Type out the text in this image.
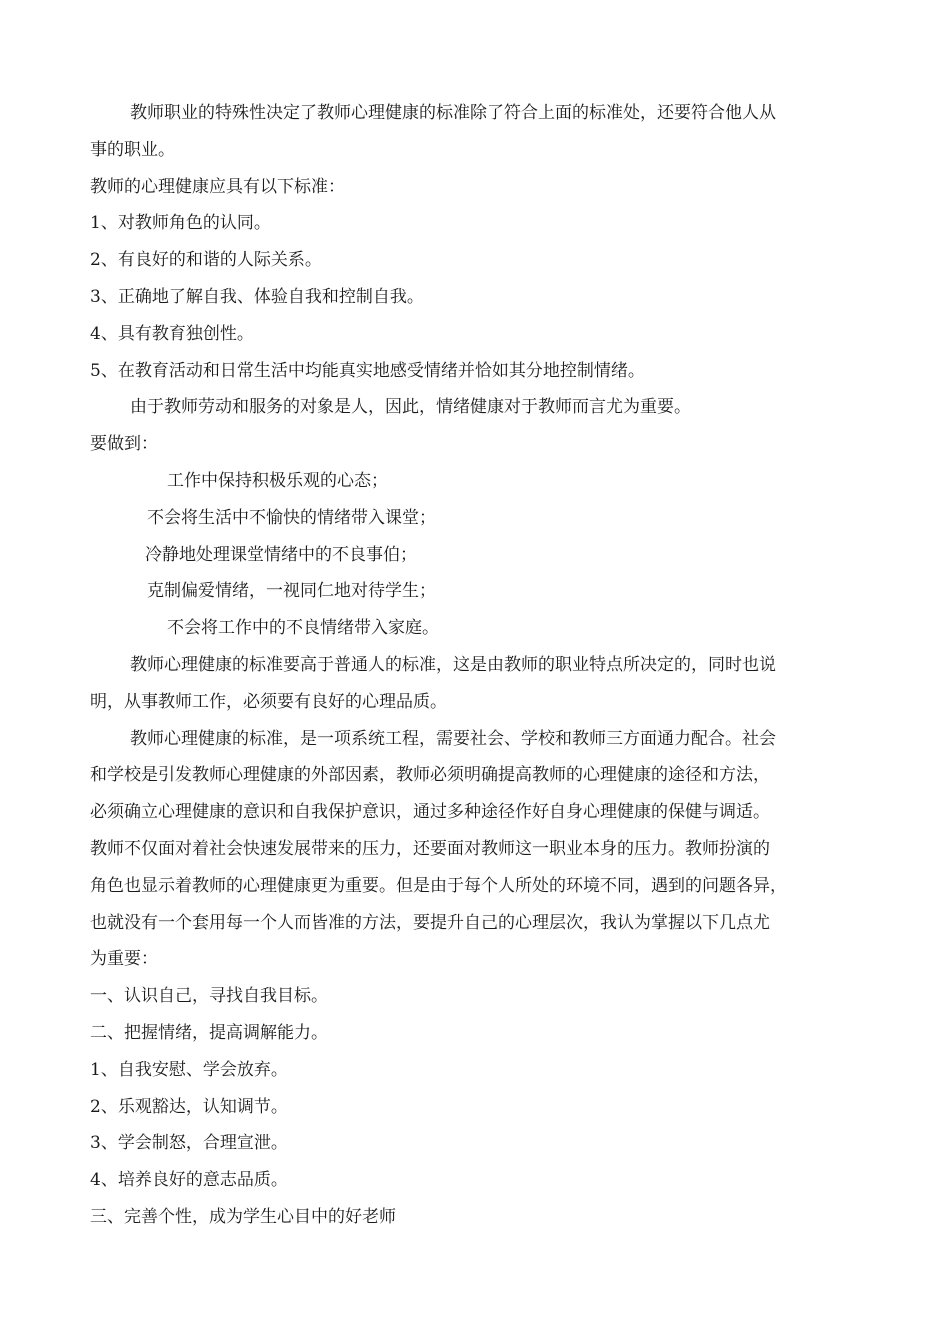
教师职业的特殊性决定了教师心理健康的标准除了符合上面的标准处，还要符合他人从
事的职业。
教师的心理健康应具有以下标准：
1、对教师角色的认同。
2、有良好的和谐的人际关系。
3、正确地了解自我、体验自我和控制自我。
4、具有教育独创性。
5、在教育活动和日常生活中均能真实地感受情绪并恰如其分地控制情绪。
由于教师劳动和服务的对象是人，因此，情绪健康对于教师而言尤为重要。
要做到：
工作中保持积极乐观的心态；
不会将生活中不愉快的情绪带入课堂；
冷静地处理课堂情绪中的不良事伯；
克制偏爱情绪，一视同仁地对待学生；
不会将工作中的不良情绪带入家庭。
教师心理健康的标准要高于普通人的标准，这是由教师的职业特点所决定的，同时也说
明，从事教师工作，必须要有良好的心理品质。
教师心理健康的标准，是一项系统工程，需要社会、学校和教师三方面通力配合。社会
和学校是引发教师心理健康的外部因素，教师必须明确提高教师的心理健康的途径和方法，
必须确立心理健康的意识和自我保护意识，通过多种途径作好自身心理健康的保健与调适。
教师不仅面对着社会快速发展带来的压力，还要面对教师这一职业本身的压力。教师扮演的
角色也显示着教师的心理健康更为重要。但是由于每个人所处的环境不同，遇到的问题各异，
也就没有一个套用每一个人而皆准的方法，要提升自己的心理层次，我认为掌握以下几点尤
为重要：
一、认识自己，寻找自我目标。
二、把握情绪，提高调解能力。
1、自我安慰、学会放弃。
2、乐观豁达，认知调节。
3、学会制怒，合理宣泄。
4、培养良好的意志品质。
三、完善个性，成为学生心目中的好老师
